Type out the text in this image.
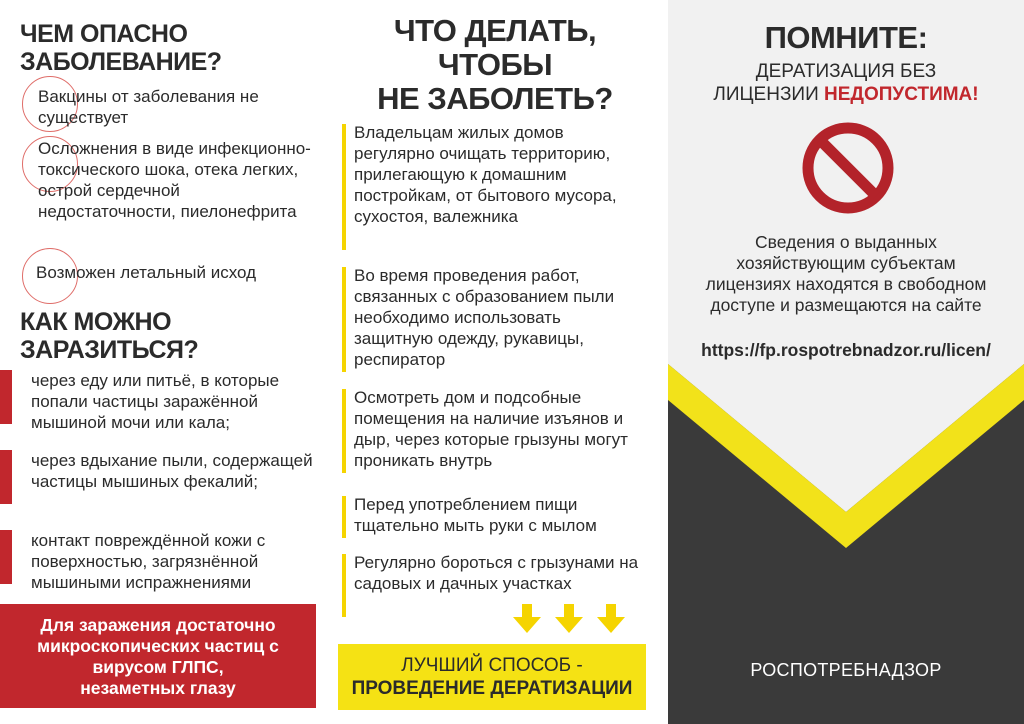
ЧЕМ ОПАСНО
ЗАБОЛЕВАНИЕ?
Вакцины от заболевания не существует
Осложнения в виде инфекционно-токсического шока, отека легких, острой сердечной недостаточности, пиелонефрита
Возможен летальный исход
КАК МОЖНО
ЗАРАЗИТЬСЯ?
через еду или питьё, в которые попали частицы заражённой мышиной мочи или кала;
через вдыхание пыли, содержащей частицы мышиных фекалий;
контакт повреждённой кожи с поверхностью, загрязнённой мышиными испражнениями
Для заражения достаточно
микроскопических частиц с
вирусом ГЛПС,
незаметных глазу
ЧТО ДЕЛАТЬ,
ЧТОБЫ
НЕ ЗАБОЛЕТЬ?
Владельцам жилых домов регулярно очищать территорию, прилегающую к домашним постройкам, от бытового мусора, сухостоя, валежника
Во время проведения работ, связанных с образованием пыли необходимо использовать защитную одежду, рукавицы, респиратор
Осмотреть дом и подсобные помещения на наличие изъянов и дыр, через которые грызуны могут проникать внутрь
Перед употреблением пищи тщательно мыть руки с мылом
Регулярно бороться с грызунами на садовых и дачных участках
ЛУЧШИЙ СПОСОБ -
ПРОВЕДЕНИЕ ДЕРАТИЗАЦИИ
ПОМНИТЕ:
ДЕРАТИЗАЦИЯ БЕЗ
ЛИЦЕНЗИИ НЕДОПУСТИМА!
Сведения о выданных хозяйствующим субъектам лицензиях находятся в свободном доступе и размещаются на сайте
https://fp.rospotrebnadzor.ru/licen/
РОСПОТРЕБНАДЗОР
